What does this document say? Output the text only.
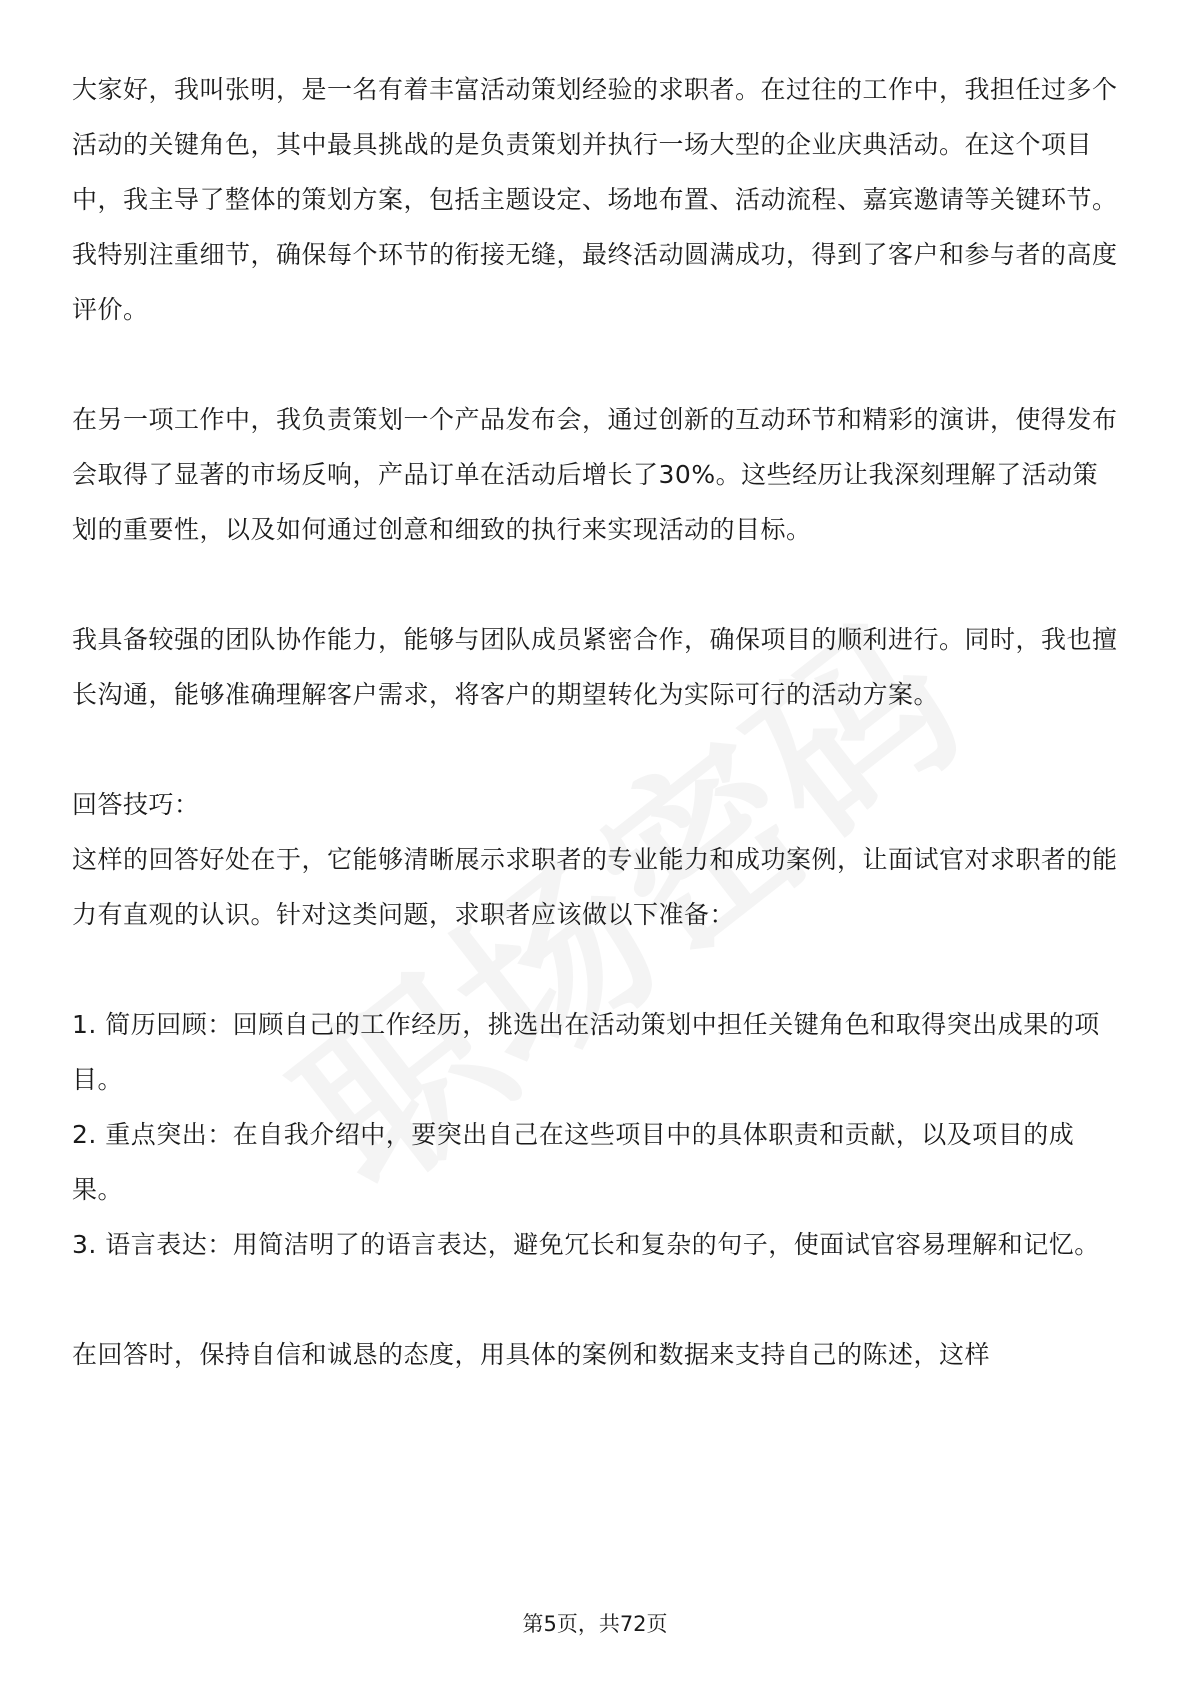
大家好，我叫张明，是一名有着丰富活动策划经验的求职者。在过往的工作中，我担任过多个活动的关键角色，其中最具挑战的是负责策划并执行一场大型的企业庆典活动。在这个项目中，我主导了整体的策划方案，包括主题设定、场地布置、活动流程、嘉宾邀请等关键环节。我特别注重细节，确保每个环节的衔接无缝，最终活动圆满成功，得到了客户和参与者的高度评价。

在另一项工作中，我负责策划一个产品发布会，通过创新的互动环节和精彩的演讲，使得发布会取得了显著的市场反响，产品订单在活动后增长了30%。这些经历让我深刻理解了活动策划的重要性，以及如何通过创意和细致的执行来实现活动的目标。

我具备较强的团队协作能力，能够与团队成员紧密合作，确保项目的顺利进行。同时，我也擅长沟通，能够准确理解客户需求，将客户的期望转化为实际可行的活动方案。

回答技巧：

这样的回答好处在于，它能够清晰展示求职者的专业能力和成功案例，让面试官对求职者的能力有直观的认识。针对这类问题，求职者应该做以下准备：

1. 简历回顾：回顾自己的工作经历，挑选出在活动策划中担任关键角色和取得突出成果的项目。

2. 重点突出：在自我介绍中，要突出自己在这些项目中的具体职责和贡献，以及项目的成果。

3. 语言表达：用简洁明了的语言表达，避免冗长和复杂的句子，使面试官容易理解和记忆。

在回答时，保持自信和诚恳的态度，用具体的案例和数据来支持自己的陈述，这样

第5页，共72页
